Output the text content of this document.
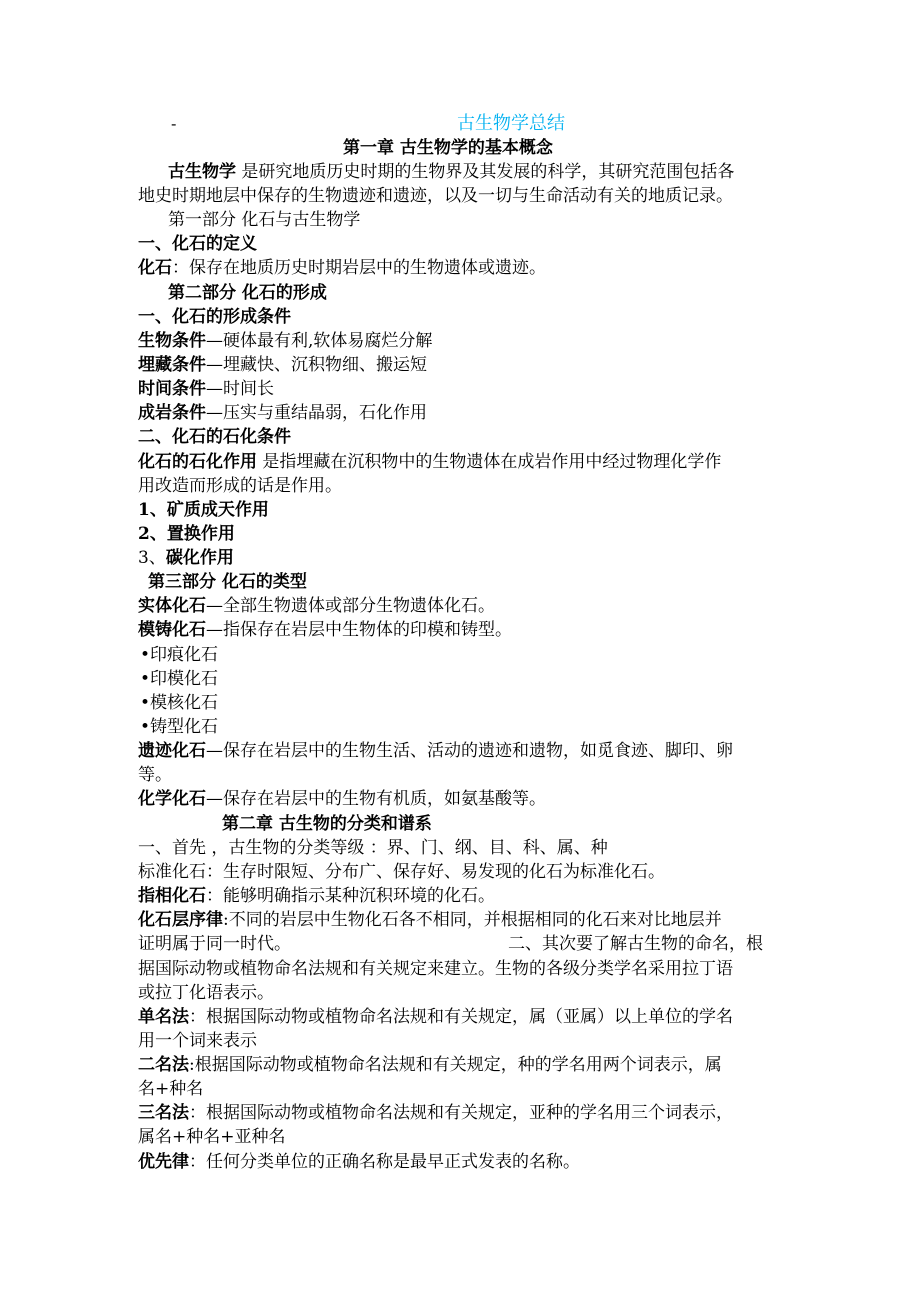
-	古生物学总结
第一章 古生物学的基本概念
古生物学 是研究地质历史时期的生物界及其发展的科学，其研究范围包括各
地史时期地层中保存的生物遗迹和遗迹，以及一切与生命活动有关的地质记录。
第一部分 化石与古生物学
一、化石的定义
化石：保存在地质历史时期岩层中的生物遗体或遗迹。
第二部分 化石的形成
一、化石的形成条件
生物条件—硬体最有利,软体易腐烂分解
埋藏条件—埋藏快、沉积物细、搬运短
时间条件—时间长
成岩条件—压实与重结晶弱，石化作用
二、化石的石化条件
化石的石化作用 是指埋藏在沉积物中的生物遗体在成岩作用中经过物理化学作
用改造而形成的话是作用。
1、矿质成天作用
2、置换作用
3、碳化作用
第三部分 化石的类型
实体化石—全部生物遗体或部分生物遗体化石。
模铸化石—指保存在岩层中生物体的印模和铸型。
•印痕化石
•印模化石
•模核化石
•铸型化石
遗迹化石—保存在岩层中的生物生活、活动的遗迹和遗物，如觅食迹、脚印、卵
等。
化学化石—保存在岩层中的生物有机质，如氨基酸等。
第二章 古生物的分类和谱系
一、首先 ，古生物的分类等级 ：界、门、纲、目、科、属、种
标准化石：生存时限短、分布广、保存好、易发现的化石为标准化石。
指相化石：能够明确指示某种沉积环境的化石。
化石层序律:不同的岩层中生物化石各不相同，并根据相同的化石来对比地层并
证明属于同一时代。	二、其次要了解古生物的命名，根
据国际动物或植物命名法规和有关规定来建立。生物的各级分类学名采用拉丁语
或拉丁化语表示。
单名法：根据国际动物或植物命名法规和有关规定，属（亚属）以上单位的学名
用一个词来表示
二名法:根据国际动物或植物命名法规和有关规定，种的学名用两个词表示，属
名+种名
三名法：根据国际动物或植物命名法规和有关规定，亚种的学名用三个词表示，
属名+种名+亚种名
优先律：任何分类单位的正确名称是最早正式发表的名称。
